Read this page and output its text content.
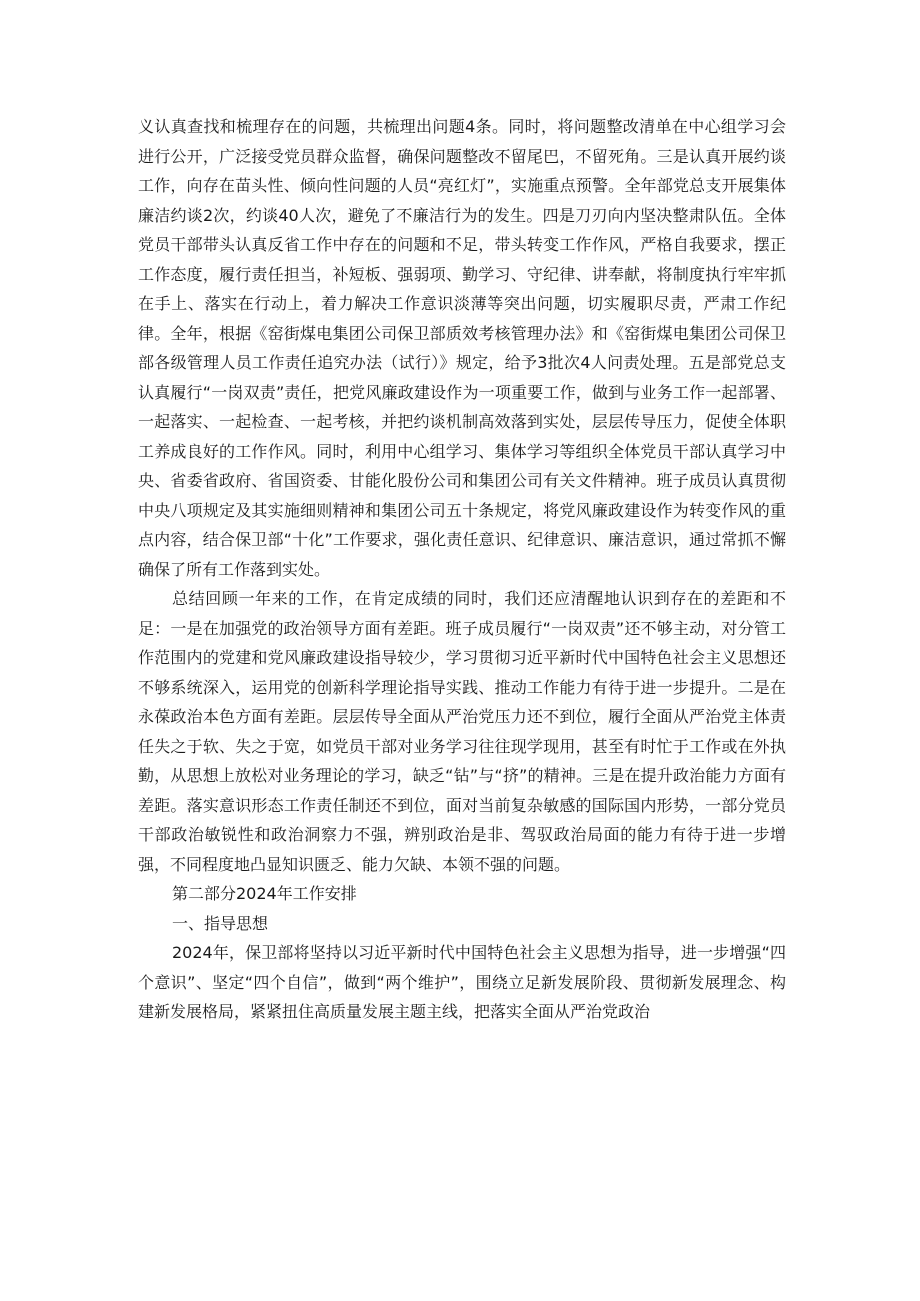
义认真查找和梳理存在的问题，共梳理出问题4条。同时，将问题整改清单在中心组学习会进行公开，广泛接受党员群众监督，确保问题整改不留尾巴，不留死角。三是认真开展约谈工作，向存在苗头性、倾向性问题的人员“亮红灯”，实施重点预警。全年部党总支开展集体廉洁约谈2次，约谈40人次，避免了不廉洁行为的发生。四是刀刃向内坚决整肃队伍。全体党员干部带头认真反省工作中存在的问题和不足，带头转变工作作风，严格自我要求，摆正工作态度，履行责任担当，补短板、强弱项、勤学习、守纪律、讲奉献，将制度执行牢牢抓在手上、落实在行动上，着力解决工作意识淡薄等突出问题，切实履职尽责，严肃工作纪律。全年，根据《窑街煤电集团公司保卫部质效考核管理办法》和《窑街煤电集团公司保卫部各级管理人员工作责任追究办法（试行）》规定，给予3批次4人问责处理。五是部党总支认真履行“一岗双责”责任，把党风廉政建设作为一项重要工作，做到与业务工作一起部署、一起落实、一起检查、一起考核，并把约谈机制高效落到实处，层层传导压力，促使全体职工养成良好的工作作风。同时，利用中心组学习、集体学习等组织全体党员干部认真学习中央、省委省政府、省国资委、甘能化股份公司和集团公司有关文件精神。班子成员认真贯彻中央八项规定及其实施细则精神和集团公司五十条规定，将党风廉政建设作为转变作风的重点内容，结合保卫部“十化”工作要求，强化责任意识、纪律意识、廉洁意识，通过常抓不懈确保了所有工作落到实处。

总结回顾一年来的工作，在肯定成绩的同时，我们还应清醒地认识到存在的差距和不足：一是在加强党的政治领导方面有差距。班子成员履行“一岗双责”还不够主动，对分管工作范围内的党建和党风廉政建设指导较少，学习贯彻习近平新时代中国特色社会主义思想还不够系统深入，运用党的创新科学理论指导实践、推动工作能力有待于进一步提升。二是在永葆政治本色方面有差距。层层传导全面从严治党压力还不到位，履行全面从严治党主体责任失之于软、失之于宽，如党员干部对业务学习往往现学现用，甚至有时忙于工作或在外执勤，从思想上放松对业务理论的学习，缺乏“钻”与“挤”的精神。三是在提升政治能力方面有差距。落实意识形态工作责任制还不到位，面对当前复杂敏感的国际国内形势，一部分党员干部政治敏锐性和政治洞察力不强，辨别政治是非、驾驭政治局面的能力有待于进一步增强，不同程度地凸显知识匮乏、能力欠缺、本领不强的问题。

第二部分2024年工作安排

一、指导思想

2024年，保卫部将坚持以习近平新时代中国特色社会主义思想为指导，进一步增强“四个意识”、坚定“四个自信”，做到“两个维护”，围绕立足新发展阶段、贯彻新发展理念、构建新发展格局，紧紧扭住高质量发展主题主线，把落实全面从严治党政治
